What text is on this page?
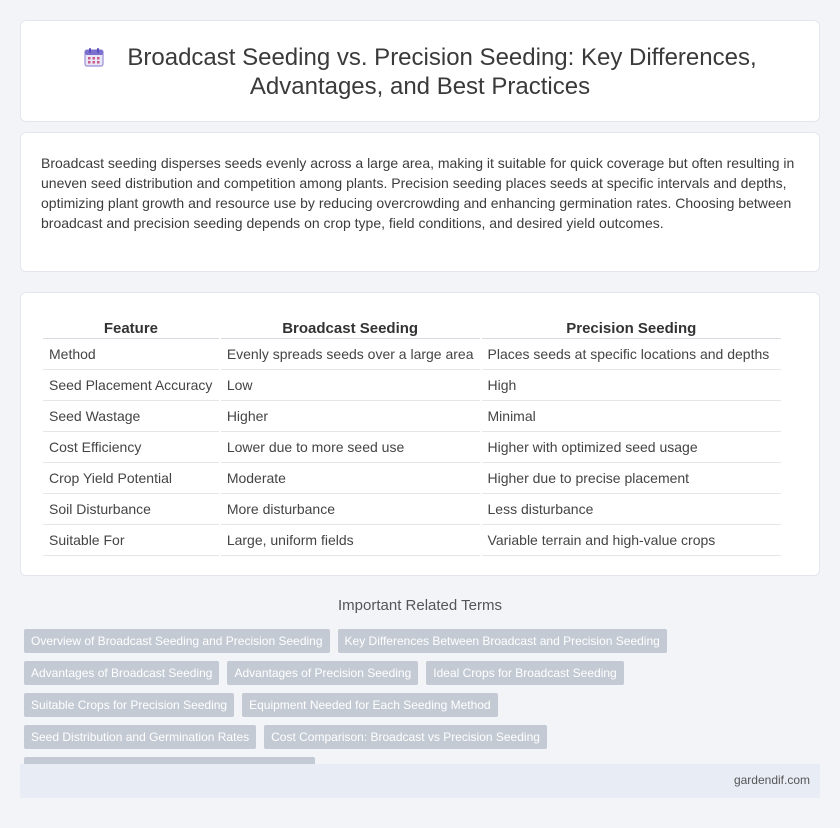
Broadcast Seeding vs. Precision Seeding: Key Differences,
Advantages, and Best Practices

Broadcast seeding disperses seeds evenly across a large area, making it suitable for quick coverage but often resulting in uneven seed distribution and competition among plants. Precision seeding places seeds at specific intervals and depths, optimizing plant growth and resource use by reducing overcrowding and enhancing germination rates. Choosing between broadcast and precision seeding depends on crop type, field conditions, and desired yield outcomes.

Feature	Broadcast Seeding	Precision Seeding
Method	Evenly spreads seeds over a large area	Places seeds at specific locations and depths
Seed Placement Accuracy	Low	High
Seed Wastage	Higher	Minimal
Cost Efficiency	Lower due to more seed use	Higher with optimized seed usage
Crop Yield Potential	Moderate	Higher due to precise placement
Soil Disturbance	More disturbance	Less disturbance
Suitable For	Large, uniform fields	Variable terrain and high-value crops
Important Related Terms
Overview of Broadcast Seeding and Precision Seeding	Key Differences Between Broadcast and Precision Seeding
Advantages of Broadcast Seeding	Advantages of Precision Seeding	Ideal Crops for Broadcast Seeding
Suitable Crops for Precision Seeding	Equipment Needed for Each Seeding Method
Seed Distribution and Germination Rates	Cost Comparison: Broadcast vs Precision Seeding
gardendif.com
